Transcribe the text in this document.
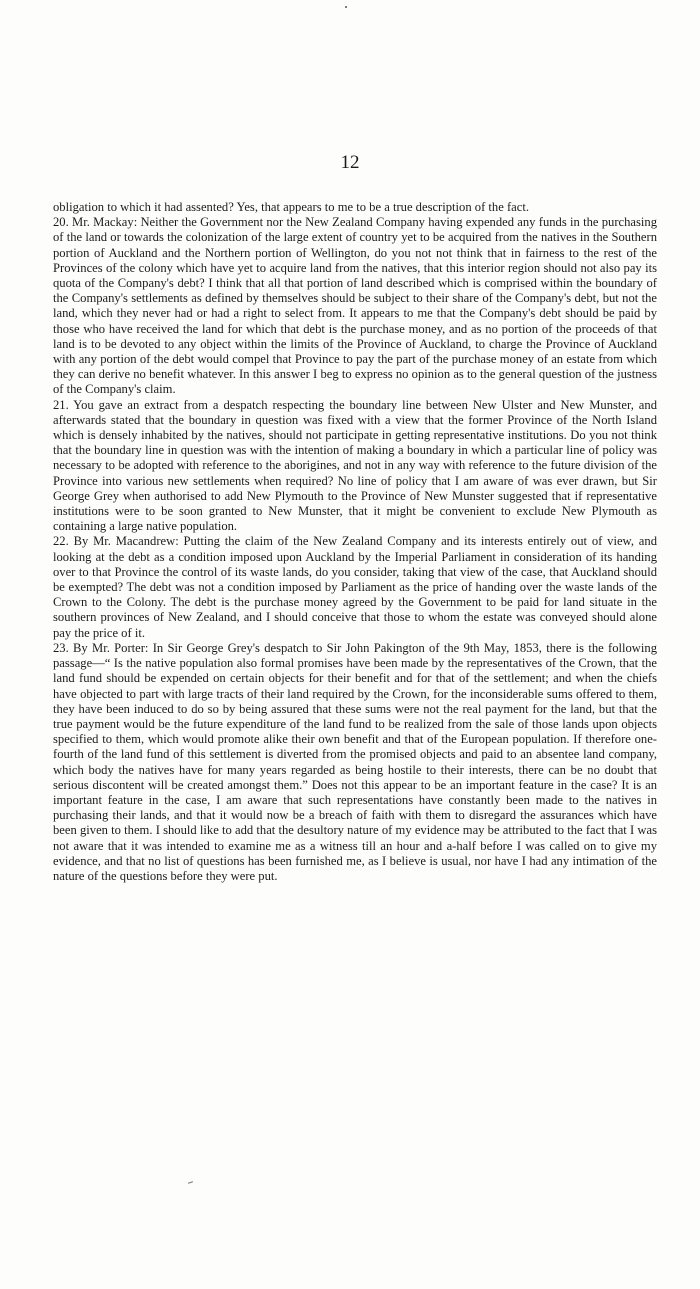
12

obligation to which it had assented? Yes, that appears to me to be a true description of the fact.

20. Mr. Mackay: Neither the Government nor the New Zealand Company having expended any funds in the purchasing of the land or towards the colonization of the large extent of country yet to be acquired from the natives in the Southern portion of Auckland and the Northern portion of Wellington, do you not not think that in fairness to the rest of the Provinces of the colony which have yet to acquire land from the natives, that this interior region should not also pay its quota of the Company's debt? I think that all that portion of land described which is comprised within the boundary of the Company's settlements as defined by themselves should be subject to their share of the Company's debt, but not the land, which they never had or had a right to select from. It appears to me that the Company's debt should be paid by those who have received the land for which that debt is the purchase money, and as no portion of the proceeds of that land is to be devoted to any object within the limits of the Province of Auckland, to charge the Province of Auckland with any portion of the debt would compel that Province to pay the part of the purchase money of an estate from which they can derive no benefit whatever. In this answer I beg to express no opinion as to the general question of the justness of the Company's claim.

21. You gave an extract from a despatch respecting the boundary line between New Ulster and New Munster, and afterwards stated that the boundary in question was fixed with a view that the former Province of the North Island which is densely inhabited by the natives, should not participate in getting representative institutions. Do you not think that the boundary line in question was with the intention of making a boundary in which a particular line of policy was necessary to be adopted with reference to the aborigines, and not in any way with reference to the future division of the Province into various new settlements when required? No line of policy that I am aware of was ever drawn, but Sir George Grey when authorised to add New Plymouth to the Province of New Munster suggested that if representative institutions were to be soon granted to New Munster, that it might be convenient to exclude New Plymouth as containing a large native population.

22. By Mr. Macandrew: Putting the claim of the New Zealand Company and its interests entirely out of view, and looking at the debt as a condition imposed upon Auckland by the Imperial Parliament in consideration of its handing over to that Province the control of its waste lands, do you consider, taking that view of the case, that Auckland should be exempted? The debt was not a condition imposed by Parliament as the price of handing over the waste lands of the Crown to the Colony. The debt is the purchase money agreed by the Government to be paid for land situate in the southern provinces of New Zealand, and I should conceive that those to whom the estate was conveyed should alone pay the price of it.

23. By Mr. Porter: In Sir George Grey's despatch to Sir John Pakington of the 9th May, 1853, there is the following passage—“ Is the native population also formal promises have been made by the representatives of the Crown, that the land fund should be expended on certain objects for their benefit and for that of the settlement; and when the chiefs have objected to part with large tracts of their land required by the Crown, for the inconsiderable sums offered to them, they have been induced to do so by being assured that these sums were not the real payment for the land, but that the true payment would be the future expenditure of the land fund to be realized from the sale of those lands upon objects specified to them, which would promote alike their own benefit and that of the European population. If therefore one-fourth of the land fund of this settlement is diverted from the promised objects and paid to an absentee land company, which body the natives have for many years regarded as being hostile to their interests, there can be no doubt that serious discontent will be created amongst them.” Does not this appear to be an important feature in the case? It is an important feature in the case, I am aware that such representations have constantly been made to the natives in purchasing their lands, and that it would now be a breach of faith with them to disregard the assurances which have been given to them. I should like to add that the desultory nature of my evidence may be attributed to the fact that I was not aware that it was intended to examine me as a witness till an hour and a-half before I was called on to give my evidence, and that no list of questions has been furnished me, as I believe is usual, nor have I had any intimation of the nature of the questions before they were put.
